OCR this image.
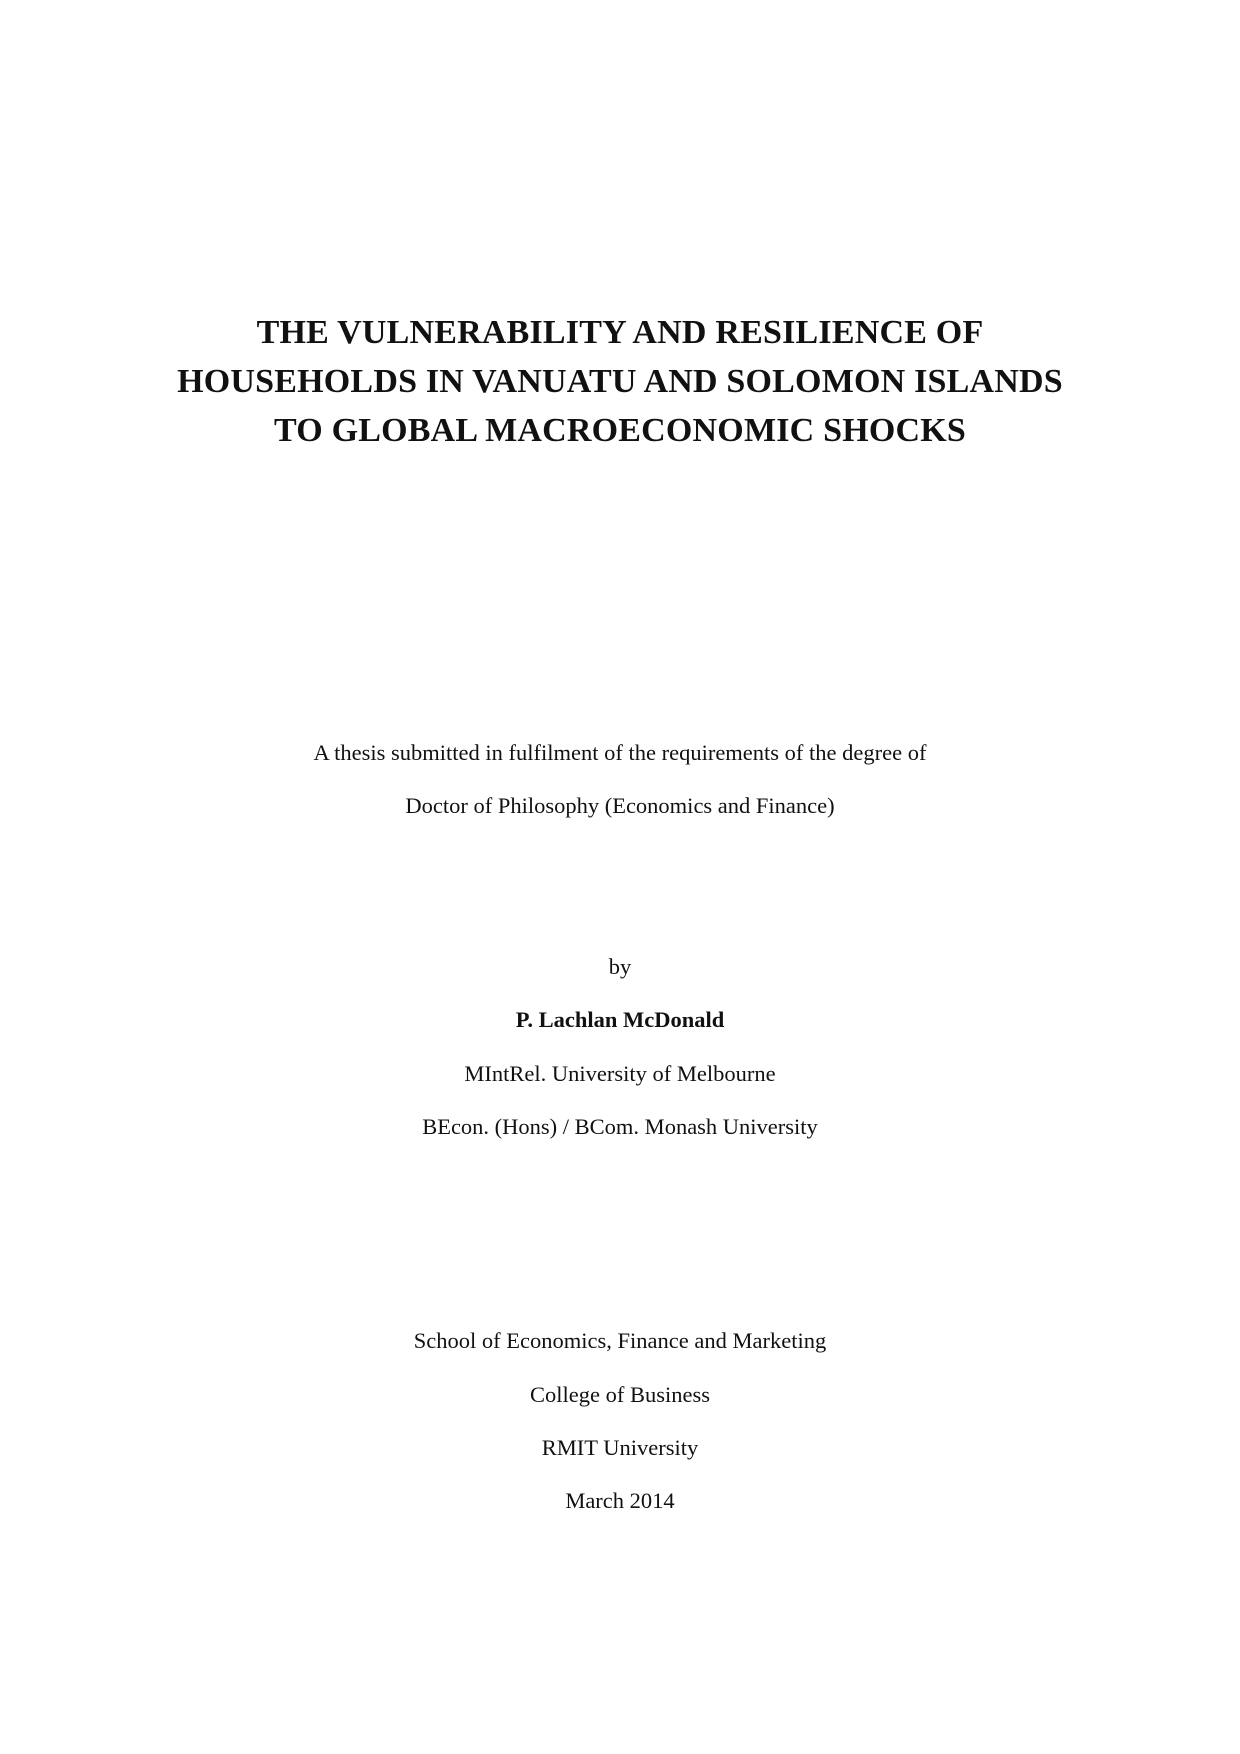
THE VULNERABILITY AND RESILIENCE OF
HOUSEHOLDS IN VANUATU AND SOLOMON ISLANDS
TO GLOBAL MACROECONOMIC SHOCKS
A thesis submitted in fulfilment of the requirements of the degree of
Doctor of Philosophy (Economics and Finance)
by
P. Lachlan McDonald
MIntRel. University of Melbourne
BEcon. (Hons) / BCom. Monash University
School of Economics, Finance and Marketing
College of Business
RMIT University
March 2014
